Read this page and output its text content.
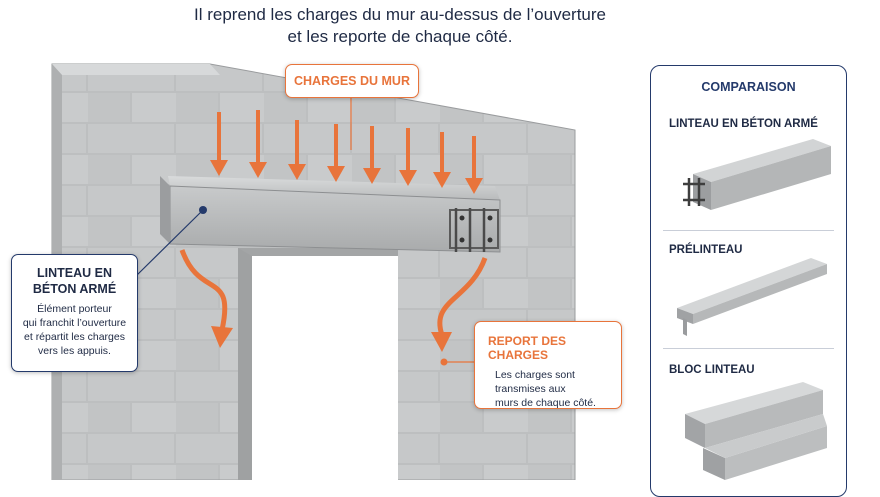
Il reprend les charges du mur au-dessus de l’ouverture
et les reporte de chaque côté.
CHARGES DU MUR
LINTEAU EN
BÉTON ARMÉ
Élément porteur
qui franchit l’ouverture
et répartit les charges
vers les appuis.
REPORT DES CHARGES
Les charges sont
transmises aux
murs de chaque côté.
COMPARAISON
LINTEAU EN BÉTON ARMÉ
PRÉLINTEAU
BLOC LINTEAU
